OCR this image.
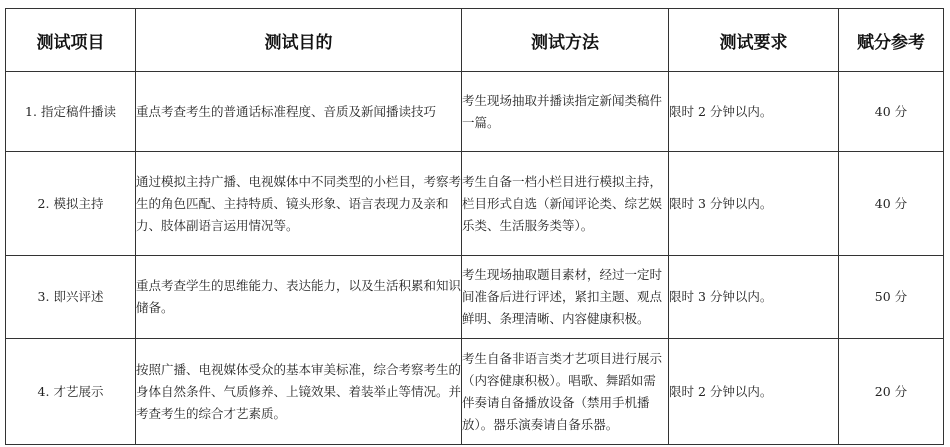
测试项目	测试目的	测试方法	测试要求	赋分参考
1. 指定稿件播读	重点考查考生的普通话标准程度、音质及新闻播读技巧	考生现场抽取并播读指定新闻类稿件一篇。	限时 2 分钟以内。	40 分
2. 模拟主持	通过模拟主持广播、电视媒体中不同类型的小栏目，考察考生的角色匹配、主持特质、镜头形象、语言表现力及亲和力、肢体副语言运用情况等。	考生自备一档小栏目进行模拟主持，栏目形式自选（新闻评论类、综艺娱乐类、生活服务类等）。	限时 3 分钟以内。	40 分
3. 即兴评述	重点考查学生的思维能力、表达能力，以及生活积累和知识储备。	考生现场抽取题目素材，经过一定时间准备后进行评述，紧扣主题、观点鲜明、条理清晰、内容健康积极。	限时 3 分钟以内。	50 分
4. 才艺展示	按照广播、电视媒体受众的基本审美标准，综合考察考生的身体自然条件、气质修养、上镜效果、着装举止等情况。并考查考生的综合才艺素质。	考生自备非语言类才艺项目进行展示（内容健康积极）。唱歌、舞蹈如需伴奏请自备播放设备（禁用手机播放）。器乐演奏请自备乐器。	限时 2 分钟以内。	20 分
